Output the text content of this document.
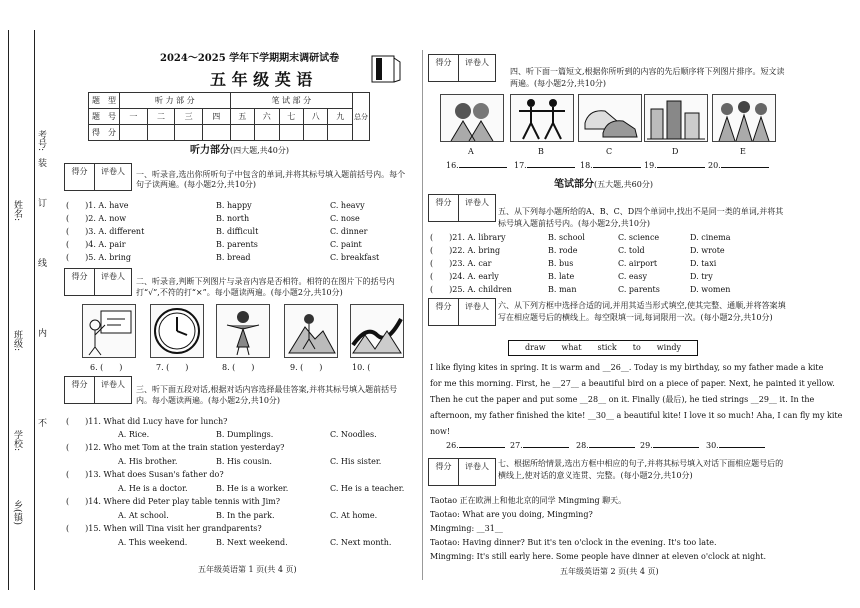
考号:
姓名:
班级:
学校:
乡(镇)
装
订
线
内
不
2024～2025 学年下学期期末调研试卷
五 年 级 英 语
题　型	听 力 部 分				笔 试 部 分					总分
题　号	一	二	三	四	五	六	七	八	九	
得　分										
听力部分(四大题,共40分)
得分	评卷人	一、听录音,选出你所听句子中包含的单词,并将其标号填入题前括号内。每个句子读两遍。(每小题2分,共10分)
(　　)1. A. have	B. happy	C. heavy
(　　)2. A. now	B. north	C. nose
(　　)3. A. different	B. difficult	C. dinner
(　　)4. A. pair	B. parents	C. paint
(　　)5. A. bring	B. bread	C. breakfast
得分	评卷人
二、听录音,判断下列图片与录音内容是否相符。相符的在图片下的括号内打“√”,不符的打“×”。每小题读两遍。(每小题2分,共10分)
6. (　　)	7. (　　)	8. (　　)	9. (　　)	10. (
得分	评卷人
三、听下面五段对话,根据对话内容选择最佳答案,并将其标号填入题前括号内。每小题读两遍。(每小题2分,共10分)
(　　)11. What did Lucy have for lunch?
A. Rice.	B. Dumplings.	C. Noodles.
(　　)12. Who met Tom at the train station yesterday?
A. His brother.	B. His cousin.	C. His sister.
(　　)13. What does Susan's father do?
A. He is a doctor.	B. He is a worker.	C. He is a teacher.
(　　)14. Where did Peter play table tennis with Jim?
A. At school.	B. In the park.	C. At home.
(　　)15. When will Tina visit her grandparents?
A. This weekend.	B. Next weekend.	C. Next month.
五年级英语第 1 页(共 4 页)
得分	评卷人
四、听下面一篇短文,根据你所听到的内容的先后顺序将下列图片排序。短文读两遍。(每小题2分,共10分)
A	B	C	D	E
16.	17.	18.	19.	20.
笔试部分(五大题,共60分)
得分	评卷人
五、从下列每小题所给的A、B、C、D四个单词中,找出不是同一类的单词,并将其标号填入题前括号内。(每小题2分,共10分)
(　　)21. A. library	B. school	C. science	D. cinema
(　　)22. A. bring	B. rode	C. told	D. wrote
(　　)23. A. car	B. bus	C. airport	D. taxi
(　　)24. A. early	B. late	C. easy	D. try
(　　)25. A. children	B. man	C. parents	D. women
得分	评卷人	六、从下列方框中选择合适的词,并用其适当形式填空,使其完整、通顺,并将答案填写在相应题号后的横线上。每空限填一词,每词限用一次。(每小题2分,共10分)
draw　　what　　stick　　to　　windy
I like flying kites in spring. It is warm and __26__. Today is my birthday, so my father made a kite
for me this morning. First, he __27__ a beautiful bird on a piece of paper. Next, he painted it yellow.
Then he cut the paper and put some __28__ on it. Finally (最后), he tied strings __29__ it. In the
afternoon, my father finished the kite! __30__ a beautiful kite! I love it so much! Aha, I can fly my kite
now!
26.	27.	28.	29.	30.
得分	评卷人	七、根据所给情景,选出方框中相应的句子,并将其标号填入对话下面相应题号后的横线上,使对话的意义连贯、完整。(每小题2分,共10分)
Taotao 正在欧洲上和他北京的同学 Mingming 聊天。
Taotao: What are you doing, Mingming?
Mingming: __31__
Taotao: Having dinner? But it's ten o'clock in the evening. It's too late.
Mingming: It's still early here. Some people have dinner at eleven o'clock at night.
五年级英语第 2 页(共 4 页)
